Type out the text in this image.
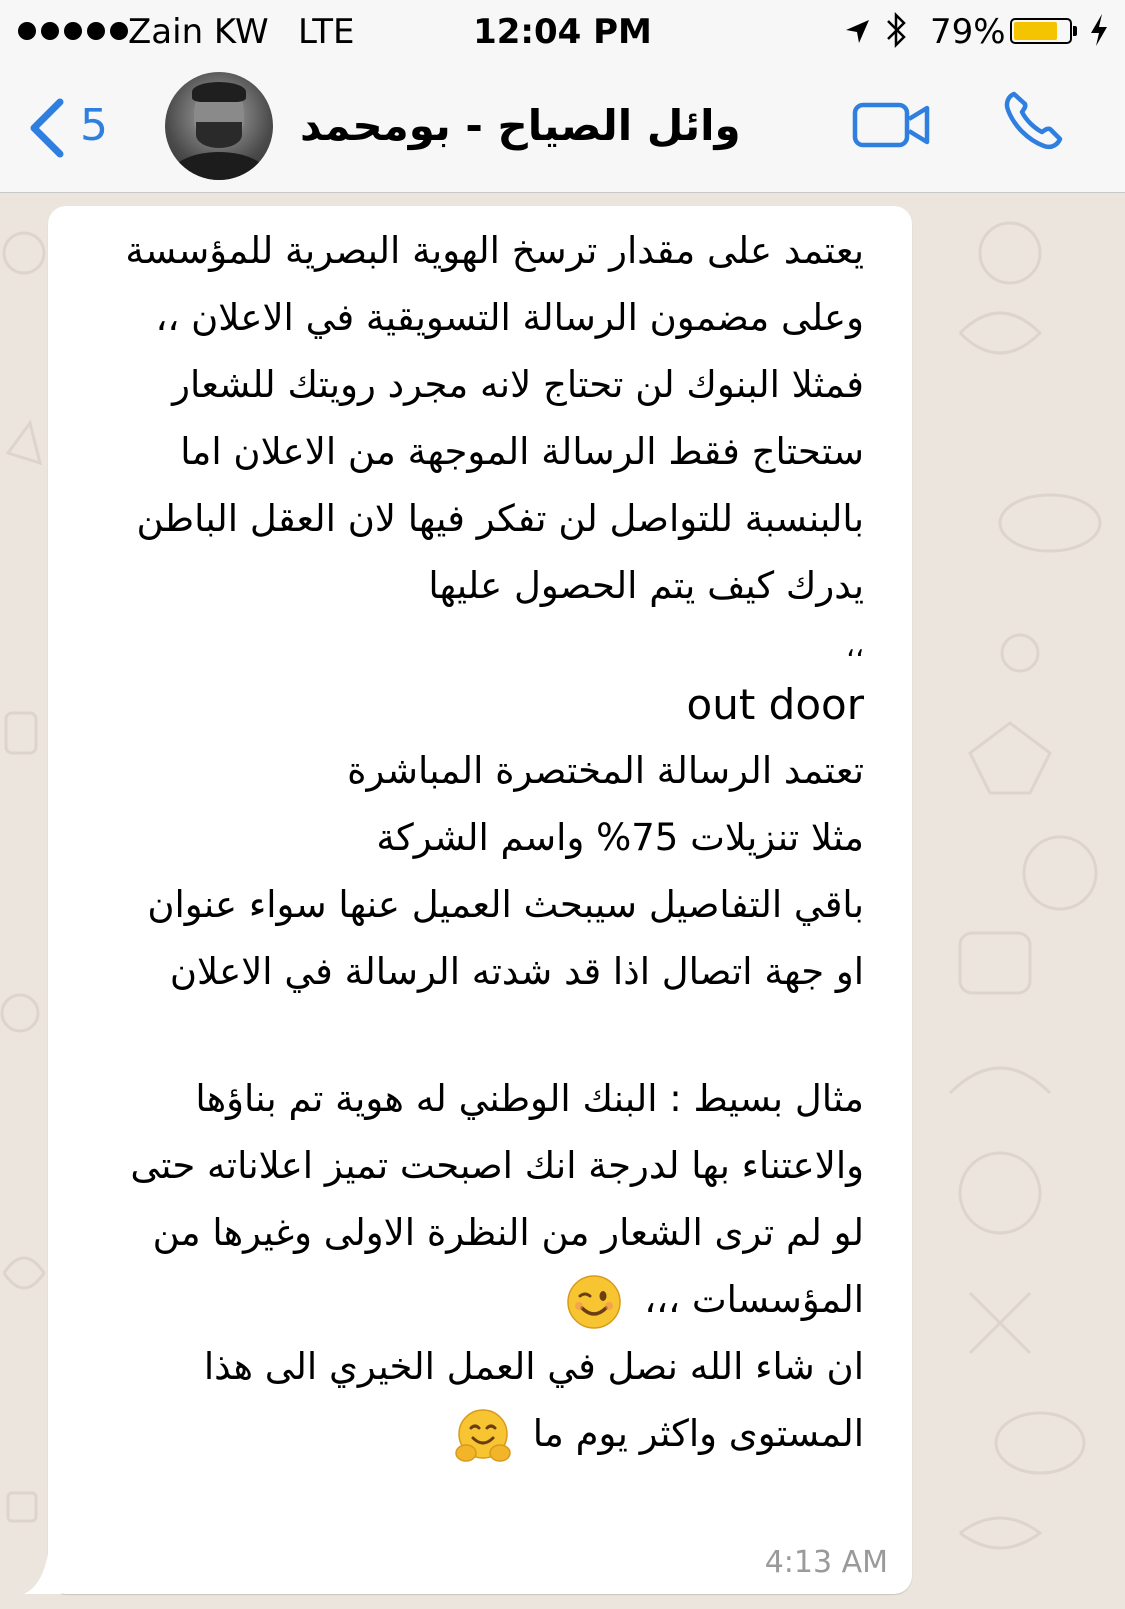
Zain KW LTE	12:04 PM	79%
5	وائل الصياح - بومحمد
يعتمد على مقدار ترسخ الهوية البصرية للمؤسسة
وعلى مضمون الرسالة التسويقية في الاعلان ،،
فمثلا البنوك لن تحتاج لانه مجرد رويتك للشعار
ستحتاج فقط الرسالة الموجهة من الاعلان اما
بالبنسبة للتواصل لن تفكر فيها لان العقل الباطن
يدرك كيف يتم الحصول عليها
،،
out door
تعتمد الرسالة المختصرة المباشرة
مثلا تنزيلات 75% واسم الشركة
باقي التفاصيل سيبحث العميل عنها سواء عنوان
او جهة اتصال اذا قد شدته الرسالة في الاعلان
مثال بسيط : البنك الوطني له هوية تم بناؤها
والاعتناء بها لدرجة انك اصبحت تميز اعلاناته حتى
لو لم ترى الشعار من النظرة الاولى وغيرها من
المؤسسات ،،،
ان شاء الله نصل في العمل الخيري الى هذا
المستوى واكثر يوم ما
4:13 AM
